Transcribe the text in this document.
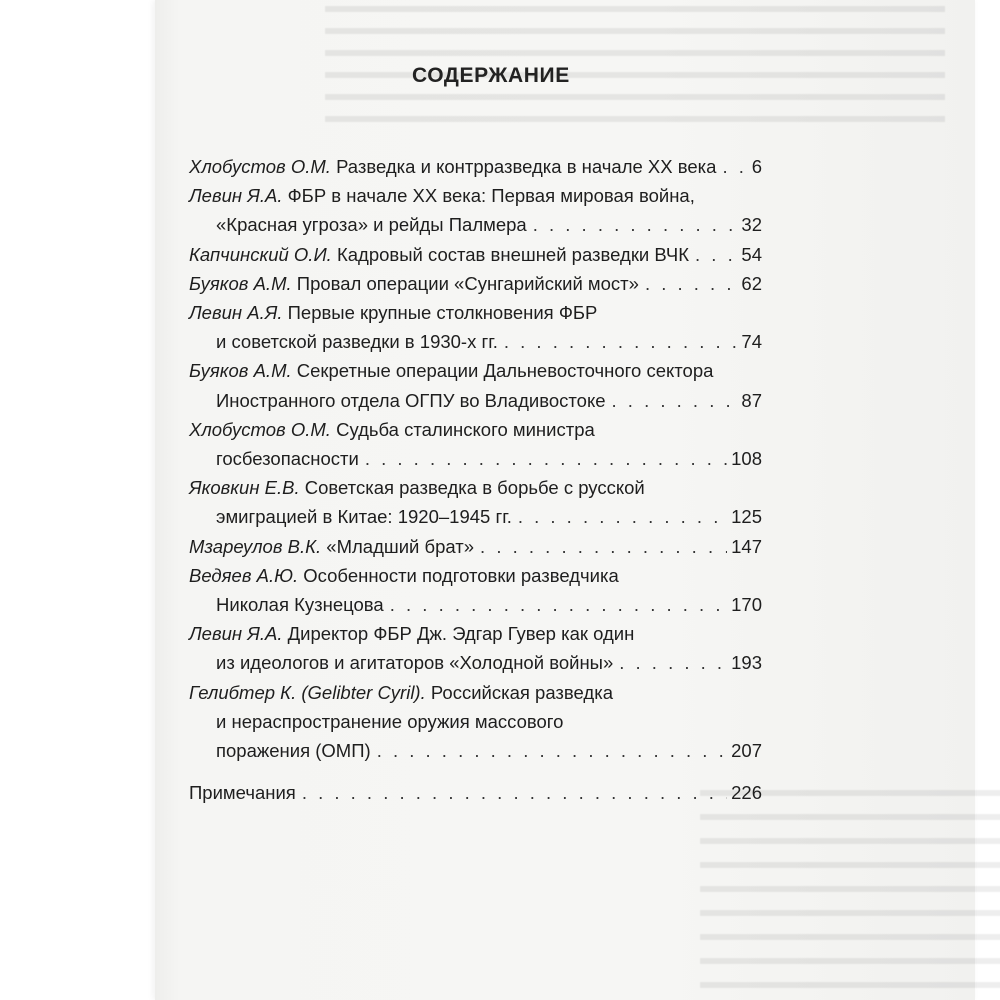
СОДЕРЖАНИЕ
Хлобустов О.М. Разведка и контрразведка в начале XX века . . . 6
Левин Я.А. ФБР в начале XX века: Первая мировая война,
«Красная угроза» и рейды Палмера . . .	32
Капчинский О.И. Кадровый состав внешней разведки ВЧК . . .	54
Буяков А.М. Провал операции «Сунгарийский мост» . . .	62
Левин А.Я. Первые крупные столкновения ФБР
и советской разведки в 1930-х гг. . . .	74
Буяков А.М. Секретные операции Дальневосточного сектора
Иностранного отдела ОГПУ во Владивостоке . . .	87
Хлобустов О.М. Судьба сталинского министра
госбезопасности . . .	108
Яковкин Е.В. Советская разведка в борьбе с русской
эмиграцией в Китае: 1920–1945 гг. . . .	125
Мзареулов В.К. «Младший брат» . . .	147
Ведяев А.Ю. Особенности подготовки разведчика
Николая Кузнецова . . .	170
Левин Я.А. Директор ФБР Дж. Эдгар Гувер как один
из идеологов и агитаторов «Холодной войны» . . .	193
Гелибтер К. (Gelibter Cyril). Российская разведка
и нераспространение оружия массового
поражения (ОМП) . . .	207
Примечания . . .	226
